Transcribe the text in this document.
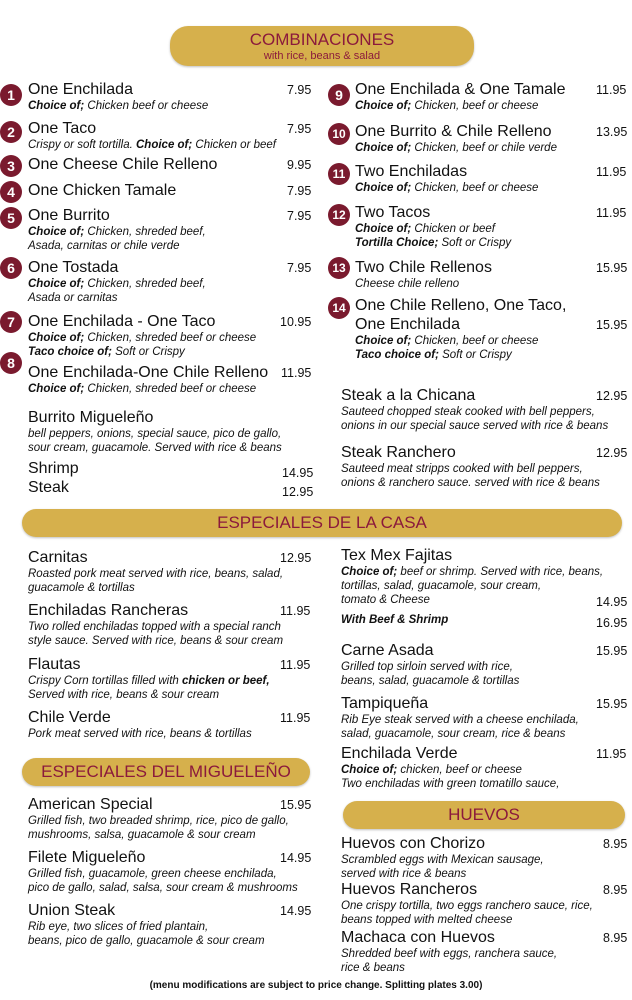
COMBINACIONES
with rice, beans & salad
1 One Enchilada
Choice of; Chicken beef or cheese
7.95
2 One Taco
Crispy or soft tortilla. Choice of; Chicken or beef
7.95
3 One Cheese Chile Relleno	9.95
4 One Chicken Tamale	7.95
5 One Burrito
Choice of; Chicken, shreded beef,
Asada, carnitas or chile verde
7.95
6 One Tostada
Choice of; Chicken, shreded beef,
Asada or carnitas
7.95
7 One Enchilada - One Taco
Choice of; Chicken, shreded beef or cheese
Taco choice of; Soft or Crispy
10.95
8
One Enchilada-One Chile Relleno
Choice of; Chicken, shreded beef or cheese
11.95
9 One Enchilada & One Tamale
Choice of; Chicken, beef or cheese
11.95
10 One Burrito & Chile Relleno
Choice of; Chicken, beef or chile verde
13.95
11 Two Enchiladas
Choice of; Chicken, beef or cheese
11.95
12 Two Tacos
Choice of; Chicken or beef
Tortilla Choice; Soft or Crispy
11.95
13 Two Chile Rellenos
Cheese chile relleno
15.95
14 One Chile Relleno, One Taco,
One Enchilada
Choice of; Chicken, beef or cheese
Taco choice of; Soft or Crispy
15.95
Burrito Migueleño
bell peppers, onions, special sauce, pico de gallo,
sour cream, guacamole. Served with rice & beans
Shrimp
Steak
14.95
12.95
Steak a la Chicana
Sauteed chopped steak cooked with bell peppers,
onions in our special sauce served with rice & beans
12.95
Steak Ranchero
Sauteed meat stripps cooked with bell peppers,
onions & ranchero sauce. served with rice & beans
12.95
ESPECIALES DE LA CASA
Carnitas
Roasted pork meat served with rice, beans, salad,
guacamole & tortillas
12.95
Enchiladas Rancheras
Two rolled enchiladas topped with a special ranch
style sauce. Served with rice, beans & sour cream
11.95
Flautas
Crispy Corn tortillas filled with chicken or beef,
Served with rice, beans & sour cream
11.95
Chile Verde
Pork meat served with rice, beans & tortillas
11.95
Tex Mex Fajitas
Choice of; beef or shrimp. Served with rice, beans,
tortillas, salad, guacamole, sour cream,
tomato & Cheese
With Beef & Shrimp
14.95
16.95
Carne Asada
Grilled top sirloin served with rice,
beans, salad, guacamole & tortillas
15.95
Tampiqueña
Rib Eye steak served with a cheese enchilada,
salad, guacamole, sour cream, rice & beans
15.95
Enchilada Verde
Choice of; chicken, beef or cheese
Two enchiladas with green tomatillo sauce,
11.95
ESPECIALES DEL MIGUELEÑO
American Special
Grilled fish, two breaded shrimp, rice, pico de gallo,
mushrooms, salsa, guacamole & sour cream
15.95
Filete Migueleño
Grilled fish, guacamole, green cheese enchilada,
pico de gallo, salad, salsa, sour cream & mushrooms
14.95
Union Steak
Rib eye, two slices of fried plantain,
beans, pico de gallo, guacamole & sour cream
14.95
HUEVOS
Huevos con Chorizo
Scrambled eggs with Mexican sausage,
served with rice & beans
8.95
Huevos Rancheros
One crispy tortilla, two eggs ranchero sauce, rice,
beans topped with melted cheese
8.95
Machaca con Huevos
Shredded beef with eggs, ranchera sauce,
rice & beans
8.95
(menu modifications are subject to price change. Splitting plates 3.00)
